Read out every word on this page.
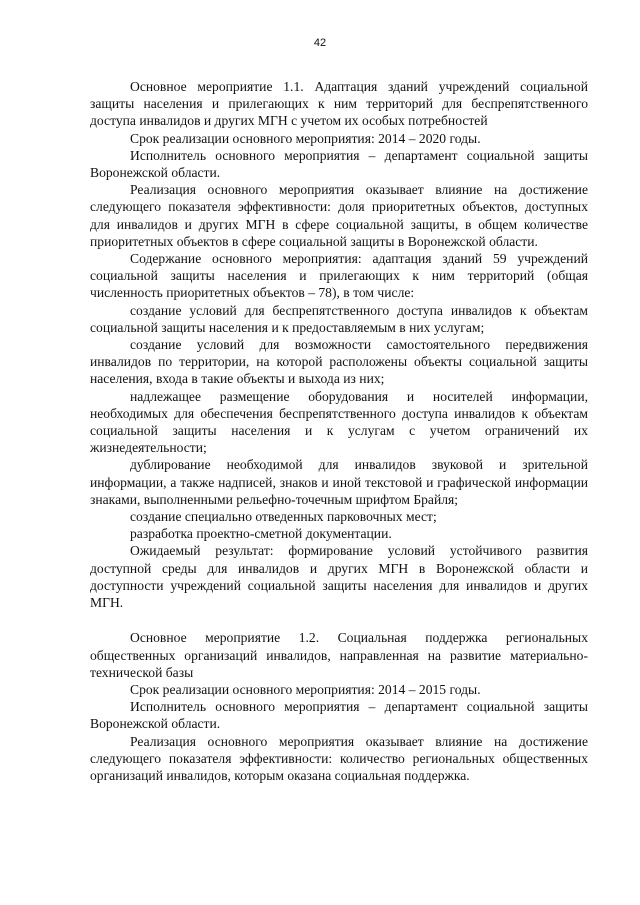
42

Основное мероприятие 1.1. Адаптация зданий учреждений социальной защиты населения и прилегающих к ним территорий для беспрепятственного доступа инвалидов и других МГН с учетом их особых потребностей

Срок реализации основного мероприятия: 2014 – 2020 годы.

Исполнитель основного мероприятия – департамент социальной защиты Воронежской области.

Реализация основного мероприятия оказывает влияние на достижение следующего показателя эффективности: доля приоритетных объектов, доступных для инвалидов и других МГН в сфере социальной защиты, в общем количестве приоритетных объектов в сфере социальной защиты в Воронежской области.

Содержание основного мероприятия: адаптация зданий 59 учреждений социальной защиты населения и прилегающих к ним территорий (общая численность приоритетных объектов – 78), в том числе:

создание условий для беспрепятственного доступа инвалидов к объектам социальной защиты населения и к предоставляемым в них услугам;

создание условий для возможности самостоятельного передвижения инвалидов по территории, на которой расположены объекты социальной защиты населения, входа в такие объекты и выхода из них;

надлежащее размещение оборудования и носителей информации, необходимых для обеспечения беспрепятственного доступа инвалидов к объектам социальной защиты населения и к услугам с учетом ограничений их жизнедеятельности;

дублирование необходимой для инвалидов звуковой и зрительной информации, а также надписей, знаков и иной текстовой и графической информации знаками, выполненными рельефно-точечным шрифтом Брайля;

создание специально отведенных парковочных мест;

разработка проектно-сметной документации.

Ожидаемый результат: формирование условий устойчивого развития доступной среды для инвалидов и других МГН в Воронежской области и доступности учреждений социальной защиты населения для инвалидов и других МГН.

Основное мероприятие 1.2. Социальная поддержка региональных общественных организаций инвалидов, направленная на развитие материально-технической базы

Срок реализации основного мероприятия: 2014 – 2015 годы.

Исполнитель основного мероприятия – департамент социальной защиты Воронежской области.

Реализация основного мероприятия оказывает влияние на достижение следующего показателя эффективности: количество региональных общественных организаций инвалидов, которым оказана социальная поддержка.
